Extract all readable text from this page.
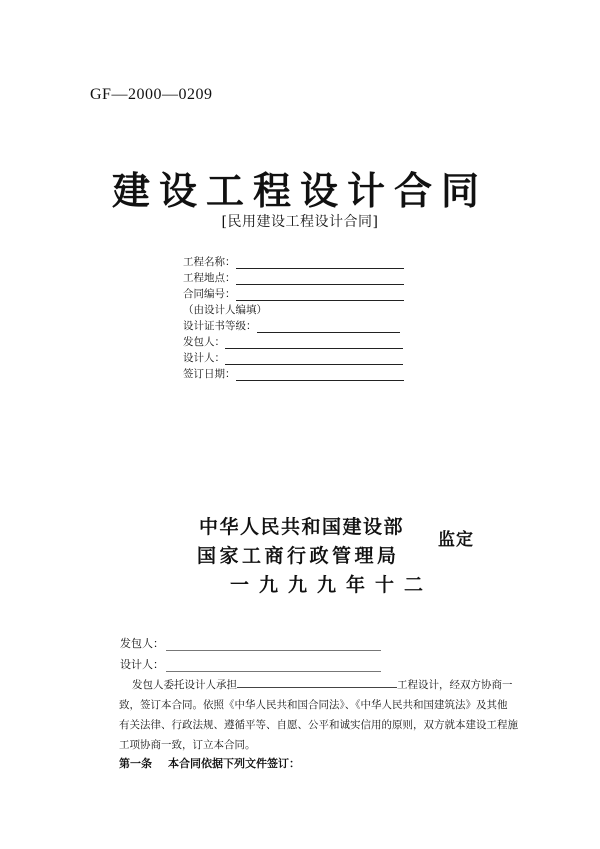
GF—2000—0209
建设工程设计合同
[民用建设工程设计合同]
工程名称：
工程地点：
合同编号：
（由设计人编填）
设计证书等级：
发包人：
设计人：
签订日期：
中华人民共和国建设部
国家工商行政管理局
一九九九年十二
监定
发包人：
设计人：
发包人委托设计人承担	工程设计，经双方协商一
致，签订本合同。依照《中华人民共和国合同法》、《中华人民共和国建筑法》及其他
有关法律、行政法规、遵循平等、自愿、公平和诚实信用的原则，双方就本建设工程施
工项协商一致，订立本合同。
第一条 本合同依据下列文件签订：
